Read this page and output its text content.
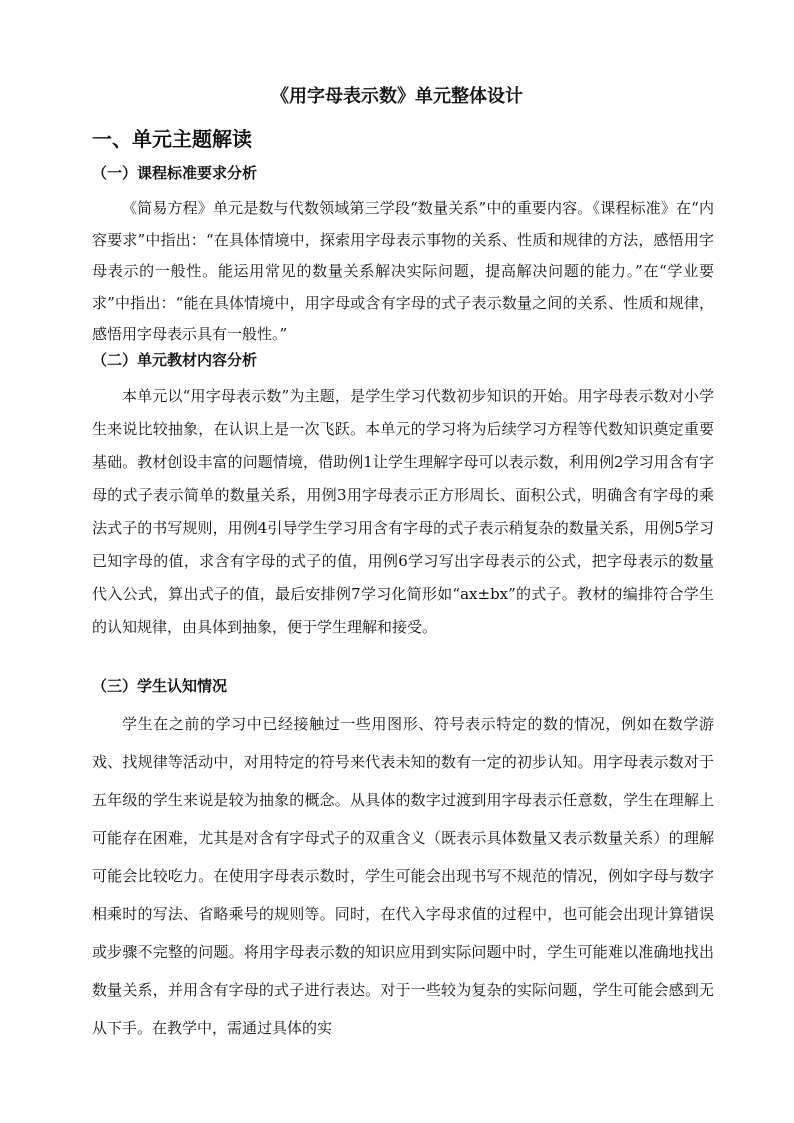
《用字母表示数》单元整体设计
一、单元主题解读
（一）课程标准要求分析

《简易方程》单元是数与代数领域第三学段“数量关系”中的重要内容。《课程标准》在“内容要求”中指出：“在具体情境中，探索用字母表示事物的关系、性质和规律的方法，感悟用字母表示的一般性。能运用常见的数量关系解决实际问题，提高解决问题的能力。”在“学业要求”中指出：“能在具体情境中，用字母或含有字母的式子表示数量之间的关系、性质和规律，感悟用字母表示具有一般性。”

（二）单元教材内容分析

本单元以“用字母表示数”为主题，是学生学习代数初步知识的开始。用字母表示数对小学生来说比较抽象，在认识上是一次飞跃。本单元的学习将为后续学习方程等代数知识奠定重要基础。教材创设丰富的问题情境，借助例1让学生理解字母可以表示数，利用例2学习用含有字母的式子表示简单的数量关系，用例3用字母表示正方形周长、面积公式，明确含有字母的乘法式子的书写规则，用例4引导学生学习用含有字母的式子表示稍复杂的数量关系，用例5学习已知字母的值，求含有字母的式子的值，用例6学习写出字母表示的公式，把字母表示的数量代入公式，算出式子的值，最后安排例7学习化简形如“ax±bx”的式子。教材的编排符合学生的认知规律，由具体到抽象，便于学生理解和接受。

（三）学生认知情况

学生在之前的学习中已经接触过一些用图形、符号表示特定的数的情况，例如在数学游戏、找规律等活动中，对用特定的符号来代表未知的数有一定的初步认知。用字母表示数对于五年级的学生来说是较为抽象的概念。从具体的数字过渡到用字母表示任意数，学生在理解上可能存在困难，尤其是对含有字母式子的双重含义（既表示具体数量又表示数量关系）的理解可能会比较吃力。在使用字母表示数时，学生可能会出现书写不规范的情况，例如字母与数字相乘时的写法、省略乘号的规则等。同时，在代入字母求值的过程中，也可能会出现计算错误或步骤不完整的问题。将用字母表示数的知识应用到实际问题中时，学生可能难以准确地找出数量关系，并用含有字母的式子进行表达。对于一些较为复杂的实际问题，学生可能会感到无从下手。在教学中，需通过具体的实
